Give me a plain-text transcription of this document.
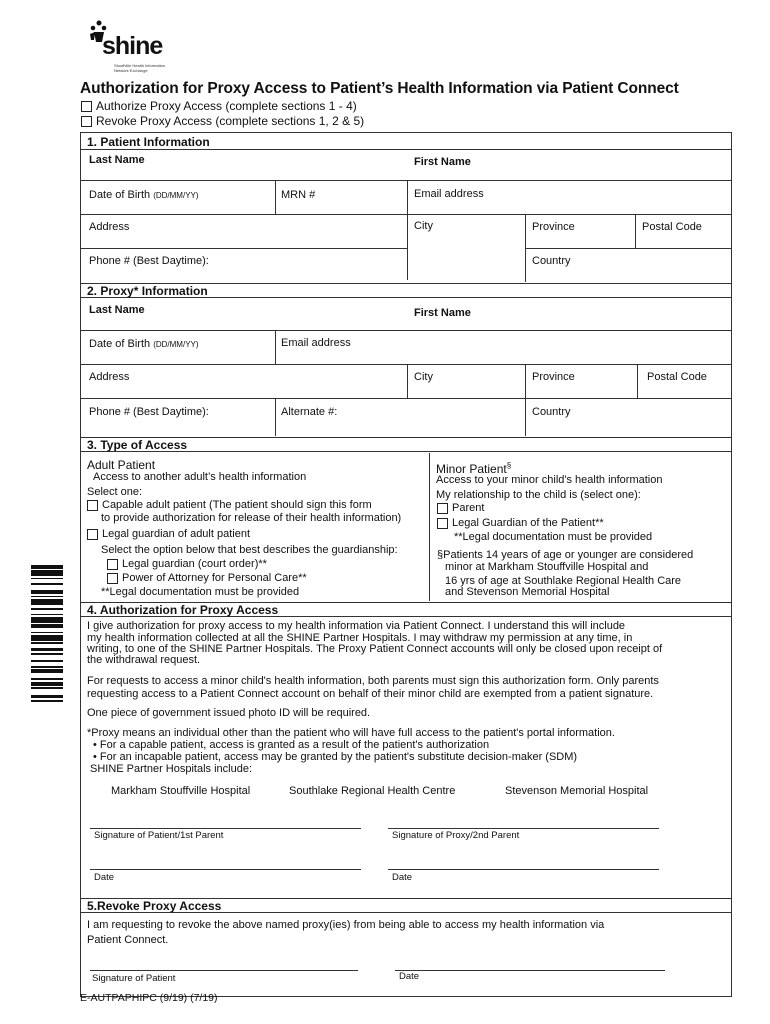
shine
Stouffville Health Information Network Exchange
Authorization for Proxy Access to Patient’s Health Information via Patient Connect
Authorize Proxy Access (complete sections 1 - 4)
Revoke Proxy Access (complete sections 1, 2 & 5)
1. Patient Information
Last Name	First Name
Date of Birth (DD/MM/YY)	MRN #	Email address
Address	City	Province	Postal Code
Phone # (Best Daytime):	Country
2. Proxy* Information
Last Name	First Name
Date of Birth (DD/MM/YY)	Email address
Address	City	Province	Postal Code
Phone # (Best Daytime):	Alternate #:	Country
3. Type of Access
Adult Patient
Access to another adult’s health information
Select one:
Capable adult patient (The patient should sign this form
to provide authorization for release of their health information)
Legal guardian of adult patient
Select the option below that best describes the guardianship:
Legal guardian (court order)**
Power of Attorney for Personal Care**
**Legal documentation must be provided
Minor Patient§
Access to your minor child's health information
My relationship to the child is (select one):
Parent
Legal Guardian of the Patient**
**Legal documentation must be provided
§Patients 14 years of age or younger are considered
minor at Markham Stouffville Hospital and
16 yrs of age at Southlake Regional Health Care
and Stevenson Memorial Hospital
4. Authorization for Proxy Access
I give authorization for proxy access to my health information via Patient Connect. I understand this will include
my health information collected at all the SHINE Partner Hospitals. I may withdraw my permission at any time, in
writing, to one of the SHINE Partner Hospitals. The Proxy Patient Connect accounts will only be closed upon receipt of
the withdrawal request.
For requests to access a minor child's health information, both parents must sign this authorization form. Only parents
requesting access to a Patient Connect account on behalf of their minor child are exempted from a patient signature.
One piece of government issued photo ID will be required.
*Proxy means an individual other than the patient who will have full access to the patient's portal information.
• For a capable patient, access is granted as a result of the patient's authorization
• For an incapable patient, access may be granted by the patient's substitute decision-maker (SDM)
SHINE Partner Hospitals include:
Markham Stouffville Hospital	Southlake Regional Health Centre	Stevenson Memorial Hospital
Signature of Patient/1st Parent	Signature of Proxy/2nd Parent
Date	Date
5.Revoke Proxy Access
I am requesting to revoke the above named proxy(ies) from being able to access my health information via
Patient Connect.
Signature of Patient	Date
E-AUTPAPHIPC (9/19) (7/19)
